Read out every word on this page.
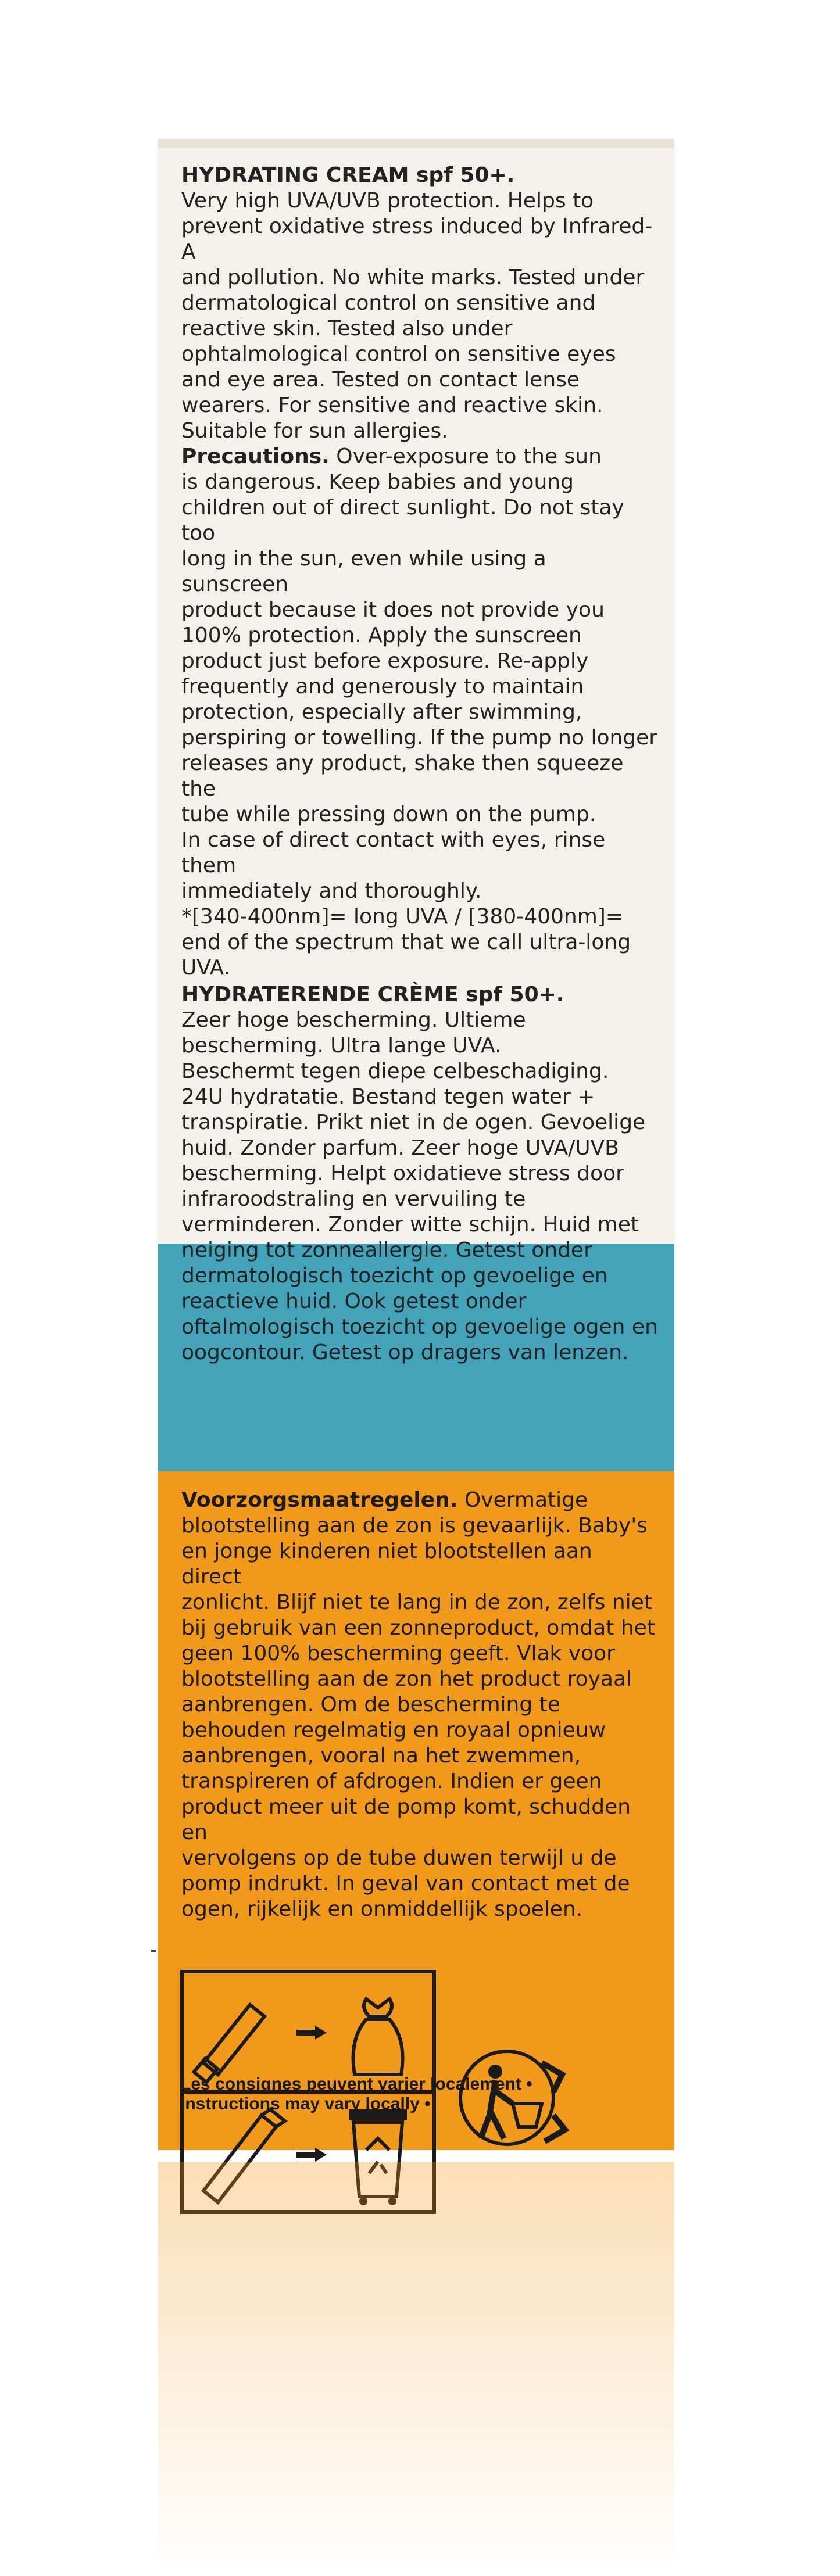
HYDRATING CREAM spf 50+.

Very high UVA/UVB protection. Helps to
prevent oxidative stress induced by Infrared-A
and pollution. No white marks. Tested under
dermatological control on sensitive and
reactive skin. Tested also under
ophtalmological control on sensitive eyes
and eye area. Tested on contact lense
wearers. For sensitive and reactive skin.
Suitable for sun allergies.

Precautions. Over-exposure to the sun
is dangerous. Keep babies and young
children out of direct sunlight. Do not stay too
long in the sun, even while using a sunscreen
product because it does not provide you
100% protection. Apply the sunscreen
product just before exposure. Re-apply
frequently and generously to maintain
protection, especially after swimming,
perspiring or towelling. If the pump no longer
releases any product, shake then squeeze the
tube while pressing down on the pump.
In case of direct contact with eyes, rinse them
immediately and thoroughly.
*[340-400nm]= long UVA / [380-400nm]=
end of the spectrum that we call ultra-long UVA.

HYDRATERENDE CRÈME spf 50+.

Zeer hoge bescherming. Ultieme
bescherming. Ultra lange UVA.
Beschermt tegen diepe celbeschadiging.
24U hydratatie. Bestand tegen water +
transpiratie. Prikt niet in de ogen. Gevoelige
huid. Zonder parfum. Zeer hoge UVA/UVB
bescherming. Helpt oxidatieve stress door
infraroodstraling en vervuiling te
verminderen. Zonder witte schijn. Huid met
neiging tot zonneallergie. Getest onder
dermatologisch toezicht op gevoelige en
reactieve huid. Ook getest onder
oftalmologisch toezicht op gevoelige ogen en
oogcontour. Getest op dragers van lenzen.

Voorzorgsmaatregelen. Overmatige
blootstelling aan de zon is gevaarlijk. Baby's
en jonge kinderen niet blootstellen aan direct
zonlicht. Blijf niet te lang in de zon, zelfs niet
bij gebruik van een zonneproduct, omdat het
geen 100% bescherming geeft. Vlak voor
blootstelling aan de zon het product royaal
aanbrengen. Om de bescherming te
behouden regelmatig en royaal opnieuw
aanbrengen, vooral na het zwemmen,
transpireren of afdrogen. Indien er geen
product meer uit de pomp komt, schudden en
vervolgens op de tube duwen terwijl u de
pomp indrukt. In geval van contact met de
ogen, rijkelijk en onmiddellijk spoelen.

Les consignes peuvent varier localement •
Instructions may vary locally •
